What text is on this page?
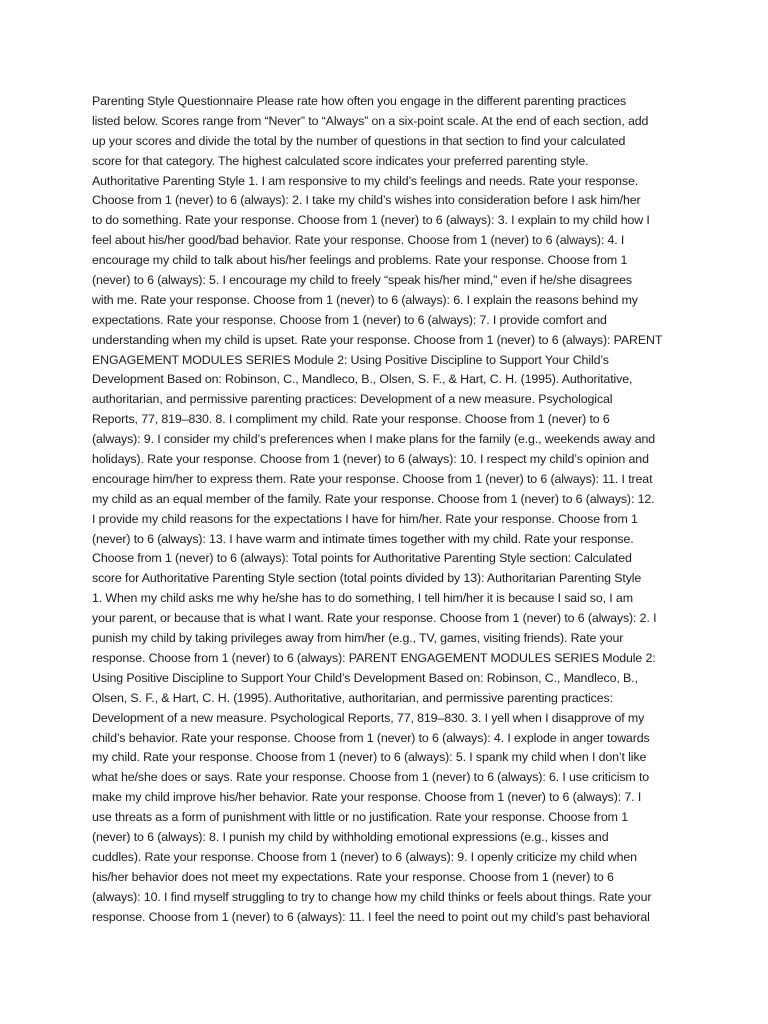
Parenting Style Questionnaire Please rate how often you engage in the different parenting practices
listed below. Scores range from “Never” to “Always” on a six-point scale. At the end of each section, add
up your scores and divide the total by the number of questions in that section to find your calculated
score for that category. The highest calculated score indicates your preferred parenting style.
Authoritative Parenting Style 1. I am responsive to my child’s feelings and needs. Rate your response.
Choose from 1 (never) to 6 (always): 2. I take my child’s wishes into consideration before I ask him/her
to do something. Rate your response. Choose from 1 (never) to 6 (always): 3. I explain to my child how I
feel about his/her good/bad behavior. Rate your response. Choose from 1 (never) to 6 (always): 4. I
encourage my child to talk about his/her feelings and problems. Rate your response. Choose from 1
(never) to 6 (always): 5. I encourage my child to freely “speak his/her mind,” even if he/she disagrees
with me. Rate your response. Choose from 1 (never) to 6 (always): 6. I explain the reasons behind my
expectations. Rate your response. Choose from 1 (never) to 6 (always): 7. I provide comfort and
understanding when my child is upset. Rate your response. Choose from 1 (never) to 6 (always): PARENT
ENGAGEMENT MODULES SERIES Module 2: Using Positive Discipline to Support Your Child’s
Development Based on: Robinson, C., Mandleco, B., Olsen, S. F., & Hart, C. H. (1995). Authoritative,
authoritarian, and permissive parenting practices: Development of a new measure. Psychological
Reports, 77, 819–830. 8. I compliment my child. Rate your response. Choose from 1 (never) to 6
(always): 9. I consider my child’s preferences when I make plans for the family (e.g., weekends away and
holidays). Rate your response. Choose from 1 (never) to 6 (always): 10. I respect my child’s opinion and
encourage him/her to express them. Rate your response. Choose from 1 (never) to 6 (always): 11. I treat
my child as an equal member of the family. Rate your response. Choose from 1 (never) to 6 (always): 12.
I provide my child reasons for the expectations I have for him/her. Rate your response. Choose from 1
(never) to 6 (always): 13. I have warm and intimate times together with my child. Rate your response.
Choose from 1 (never) to 6 (always): Total points for Authoritative Parenting Style section: Calculated
score for Authoritative Parenting Style section (total points divided by 13): Authoritarian Parenting Style
1. When my child asks me why he/she has to do something, I tell him/her it is because I said so, I am
your parent, or because that is what I want. Rate your response. Choose from 1 (never) to 6 (always): 2. I
punish my child by taking privileges away from him/her (e.g., TV, games, visiting friends). Rate your
response. Choose from 1 (never) to 6 (always): PARENT ENGAGEMENT MODULES SERIES Module 2:
Using Positive Discipline to Support Your Child’s Development Based on: Robinson, C., Mandleco, B.,
Olsen, S. F., & Hart, C. H. (1995). Authoritative, authoritarian, and permissive parenting practices:
Development of a new measure. Psychological Reports, 77, 819–830. 3. I yell when I disapprove of my
child’s behavior. Rate your response. Choose from 1 (never) to 6 (always): 4. I explode in anger towards
my child. Rate your response. Choose from 1 (never) to 6 (always): 5. I spank my child when I don’t like
what he/she does or says. Rate your response. Choose from 1 (never) to 6 (always): 6. I use criticism to
make my child improve his/her behavior. Rate your response. Choose from 1 (never) to 6 (always): 7. I
use threats as a form of punishment with little or no justification. Rate your response. Choose from 1
(never) to 6 (always): 8. I punish my child by withholding emotional expressions (e.g., kisses and
cuddles). Rate your response. Choose from 1 (never) to 6 (always): 9. I openly criticize my child when
his/her behavior does not meet my expectations. Rate your response. Choose from 1 (never) to 6
(always): 10. I find myself struggling to try to change how my child thinks or feels about things. Rate your
response. Choose from 1 (never) to 6 (always): 11. I feel the need to point out my child’s past behavioral
